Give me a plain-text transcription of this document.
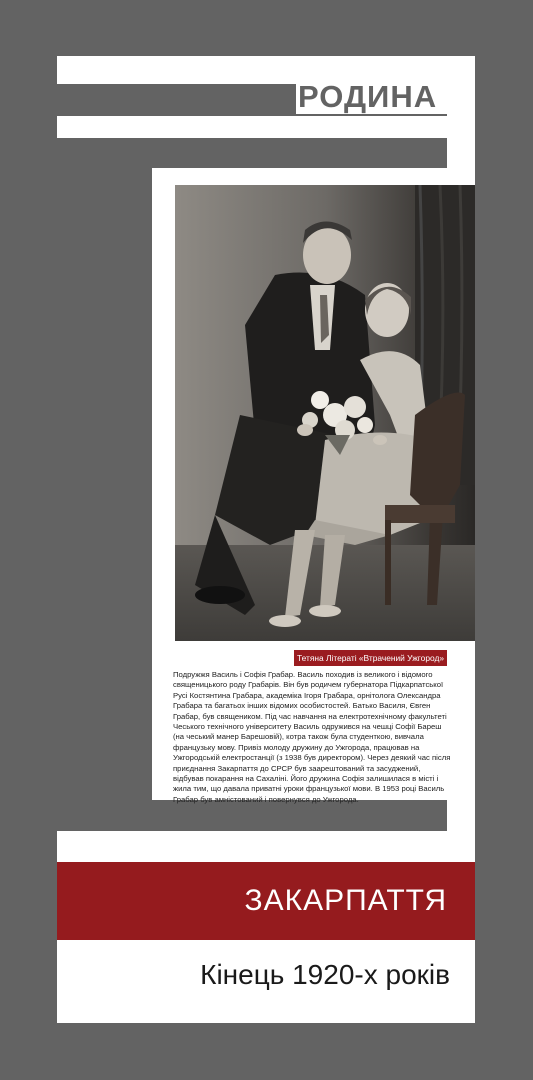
РОДИНА
Тетяна Літераті «Втрачений Ужгород»
Подружжя Василь і Софія Грабар. Василь походив із великого і відомого священицького роду Грабарів. Він був родичем губернатора Підкарпатської Русі Костянтина Грабара, академіка Ігоря Грабара, орнітолога Олександра Грабара та багатьох інших відомих особистостей. Батько Василя, Євген Грабар, був священиком. Під час навчання на електротехнічному факультеті Чеського технічного університету Василь одружився на чешці Софії Бареш (на чеський манер Барешовій), котра також була студенткою, вивчала французьку мову. Привіз молоду дружину до Ужгорода, працював на Ужгородській електростанції (з 1938 був директором). Через деякий час після приєднання Закарпаття до СРСР був заарештований та засуджений, відбував покарання на Сахаліні. Його дружина Софія залишилася в місті і жила тим, що давала приватні уроки французької мови. В 1953 році Василь Грабар був амністований і повернувся до Ужгорода.
ЗАКАРПАТТЯ
Кінець 1920-х років
